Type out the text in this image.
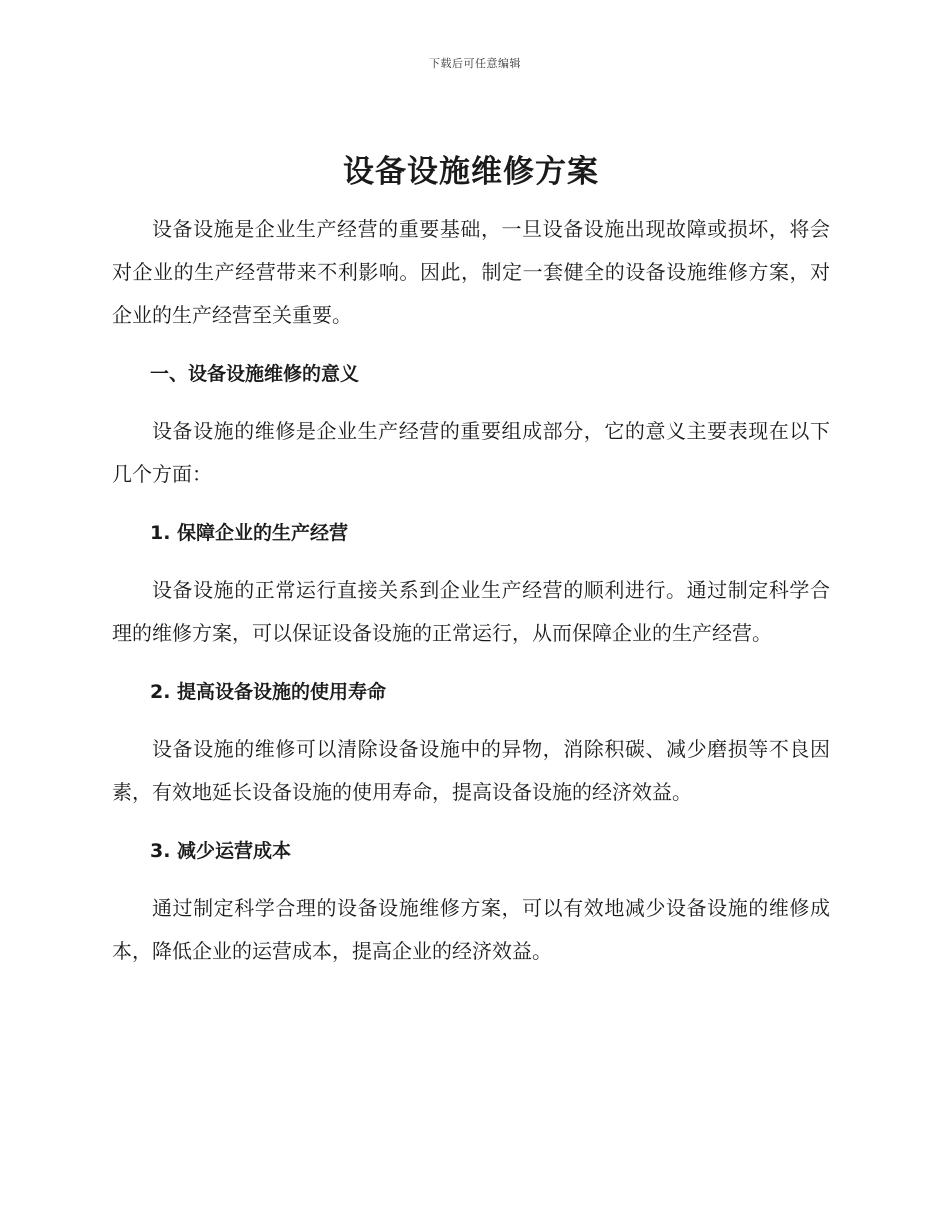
下载后可任意编辑
设备设施维修方案

设备设施是企业生产经营的重要基础，一旦设备设施出现故障或损坏，将会对企业的生产经营带来不利影响。因此，制定一套健全的设备设施维修方案，对企业的生产经营至关重要。

一、设备设施维修的意义

设备设施的维修是企业生产经营的重要组成部分，它的意义主要表现在以下几个方面：

1. 保障企业的生产经营

设备设施的正常运行直接关系到企业生产经营的顺利进行。通过制定科学合理的维修方案，可以保证设备设施的正常运行，从而保障企业的生产经营。

2. 提高设备设施的使用寿命

设备设施的维修可以清除设备设施中的异物，消除积碳、减少磨损等不良因素，有效地延长设备设施的使用寿命，提高设备设施的经济效益。

3. 减少运营成本

通过制定科学合理的设备设施维修方案，可以有效地减少设备设施的维修成本，降低企业的运营成本，提高企业的经济效益。
